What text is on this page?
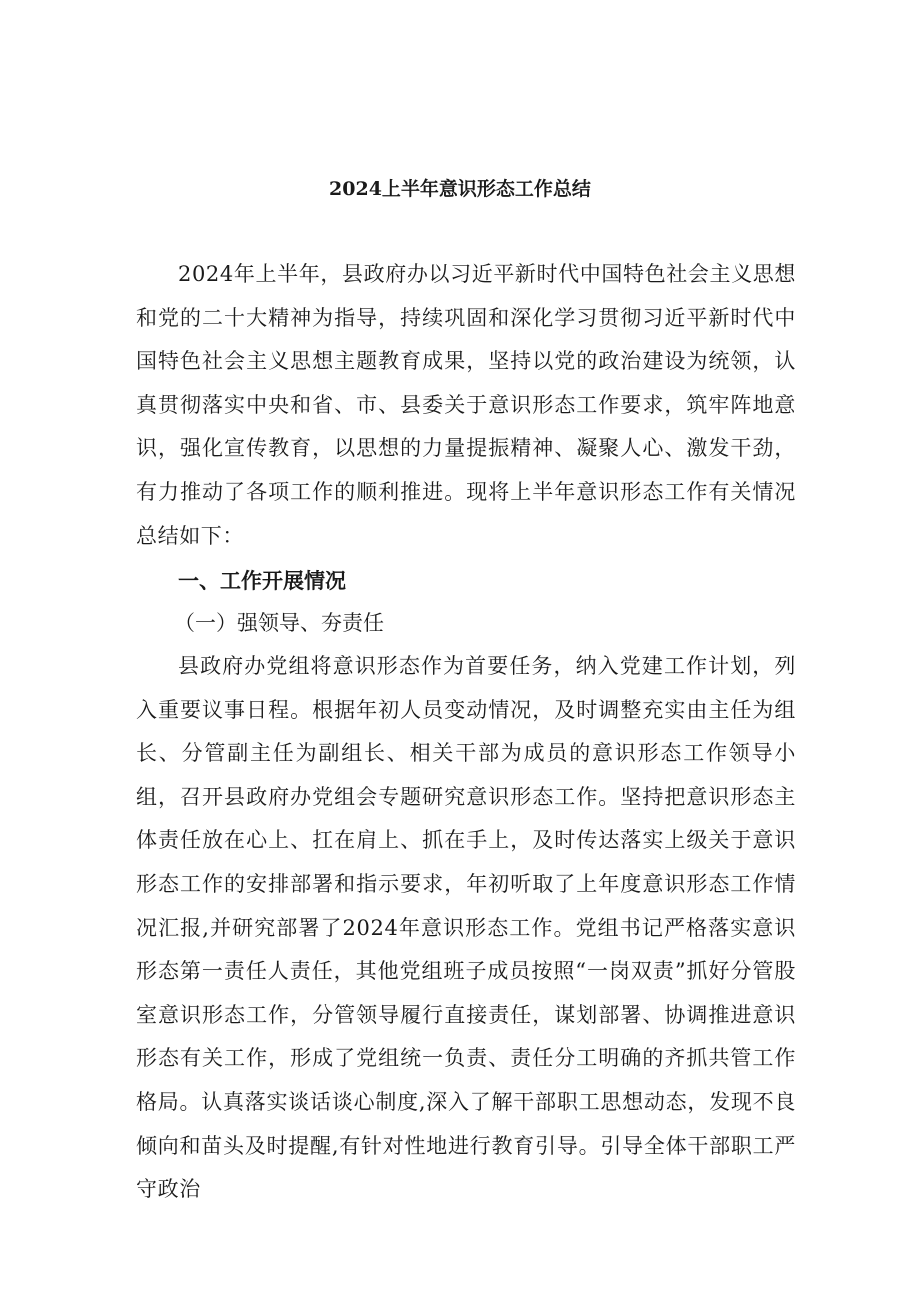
2024上半年意识形态工作总结

2024年上半年，县政府办以习近平新时代中国特色社会主义思想和党的二十大精神为指导，持续巩固和深化学习贯彻习近平新时代中国特色社会主义思想主题教育成果，坚持以党的政治建设为统领，认真贯彻落实中央和省、市、县委关于意识形态工作要求，筑牢阵地意识，强化宣传教育，以思想的力量提振精神、凝聚人心、激发干劲，有力推动了各项工作的顺利推进。现将上半年意识形态工作有关情况总结如下：

一、工作开展情况

（一）强领导、夯责任

县政府办党组将意识形态作为首要任务，纳入党建工作计划，列入重要议事日程。根据年初人员变动情况，及时调整充实由主任为组长、分管副主任为副组长、相关干部为成员的意识形态工作领导小组，召开县政府办党组会专题研究意识形态工作。坚持把意识形态主体责任放在心上、扛在肩上、抓在手上，及时传达落实上级关于意识形态工作的安排部署和指示要求，年初听取了上年度意识形态工作情况汇报,并研究部署了2024年意识形态工作。党组书记严格落实意识形态第一责任人责任，其他党组班子成员按照“一岗双责”抓好分管股室意识形态工作，分管领导履行直接责任，谋划部署、协调推进意识形态有关工作，形成了党组统一负责、责任分工明确的齐抓共管工作格局。认真落实谈话谈心制度,深入了解干部职工思想动态，发现不良倾向和苗头及时提醒,有针对性地进行教育引导。引导全体干部职工严守政治
